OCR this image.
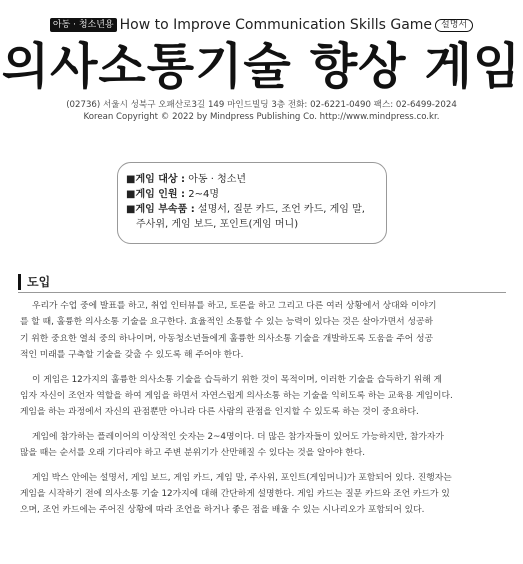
아동 · 청소년용 How to Improve Communication Skills Game 설명서
의사소통기술 향상 게임
(02736) 서울시 성북구 오패산로3길 149 마인드빌딩 3층 전화: 02-6221-0490 팩스: 02-6499-2024
Korean Copyright © 2022 by Mindpress Publishing Co. http://www.mindpress.co.kr.
■게임 대상 : 아동 · 청소년
■게임 인원 : 2~4명
■게임 부속품 : 설명서, 질문 카드, 조언 카드, 게임 말,
주사위, 게임 보드, 포인트(게임 머니)
도입

우리가 수업 중에 발표를 하고, 취업 인터뷰를 하고, 토론을 하고 그리고 다른 여러 상황에서 상대와 이야기
를 할 때, 훌륭한 의사소통 기술을 요구한다. 효율적인 소통할 수 있는 능력이 있다는 것은 살아가면서 성공하
기 위한 중요한 열쇠 중의 하나이며, 아동청소년들에게 훌륭한 의사소통 기술을 개발하도록 도움을 주어 성공
적인 미래를 구축할 기술을 갖출 수 있도록 해 주어야 한다.

이 게임은 12가지의 훌륭한 의사소통 기술을 습득하기 위한 것이 목적이며, 이러한 기술을 습득하기 위해 게
임자 자신이 조언자 역할을 하여 게임을 하면서 자연스럽게 의사소통 하는 기술을 익히도록 하는 교육용 게임이다.
게임을 하는 과정에서 자신의 관점뿐만 아니라 다른 사람의 관점을 인지할 수 있도록 하는 것이 중요하다.

게임에 참가하는 플레이어의 이상적인 숫자는 2~4명이다. 더 많은 참가자들이 있어도 가능하지만, 참가자가
많을 때는 순서를 오래 기다리야 하고 주변 분위기가 산만해질 수 있다는 것을 알아야 한다.

게임 박스 안에는 설명서, 게임 보드, 게임 카드, 게임 말, 주사위, 포인트(게임머니)가 포함되어 있다. 진행자는
게임을 시작하기 전에 의사소통 기술 12가지에 대해 간단하게 설명한다. 게임 카드는 질문 카드와 조언 카드가 있
으며, 조언 카드에는 주어진 상황에 따라 조언을 하거나 좋은 점을 배울 수 있는 시나리오가 포함되어 있다.
